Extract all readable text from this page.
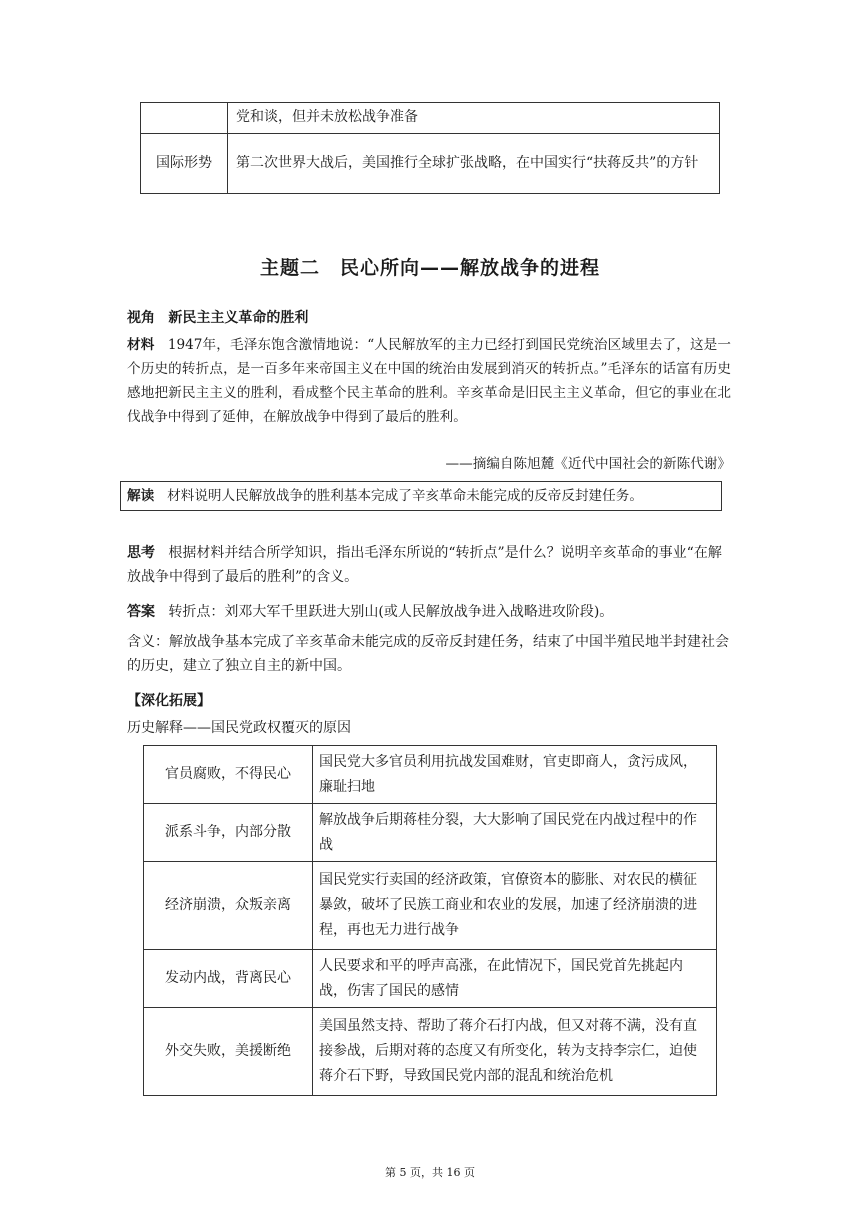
	党和谈，但并未放松战争准备
国际形势	第二次世界大战后，美国推行全球扩张战略，在中国实行“扶蒋反共”的方针
主题二　民心所向——解放战争的进程
视角 新民主主义革命的胜利
材料 1947年，毛泽东饱含激情地说：“人民解放军的主力已经打到国民党统治区域里去了，这是一个历史的转折点，是一百多年来帝国主义在中国的统治由发展到消灭的转折点。”毛泽东的话富有历史感地把新民主主义的胜利，看成整个民主革命的胜利。辛亥革命是旧民主主义革命，但它的事业在北伐战争中得到了延伸，在解放战争中得到了最后的胜利。
——摘编自陈旭麓《近代中国社会的新陈代谢》
解读 材料说明人民解放战争的胜利基本完成了辛亥革命未能完成的反帝反封建任务。
思考 根据材料并结合所学知识，指出毛泽东所说的“转折点”是什么？说明辛亥革命的事业“在解放战争中得到了最后的胜利”的含义。
答案 转折点：刘邓大军千里跃进大别山(或人民解放战争进入战略进攻阶段)。
含义：解放战争基本完成了辛亥革命未能完成的反帝反封建任务，结束了中国半殖民地半封建社会的历史，建立了独立自主的新中国。
【深化拓展】
历史解释——国民党政权覆灭的原因
官员腐败，不得民心	国民党大多官员利用抗战发国难财，官吏即商人，贪污成风，廉耻扫地
派系斗争，内部分散	解放战争后期蒋桂分裂，大大影响了国民党在内战过程中的作战
经济崩溃，众叛亲离	国民党实行卖国的经济政策，官僚资本的膨胀、对农民的横征暴敛，破坏了民族工商业和农业的发展，加速了经济崩溃的进程，再也无力进行战争
发动内战，背离民心	人民要求和平的呼声高涨，在此情况下，国民党首先挑起内战，伤害了国民的感情
外交失败，美援断绝	美国虽然支持、帮助了蒋介石打内战，但又对蒋不满，没有直接参战，后期对蒋的态度又有所变化，转为支持李宗仁，迫使蒋介石下野，导致国民党内部的混乱和统治危机
第 5 页，共 16 页
